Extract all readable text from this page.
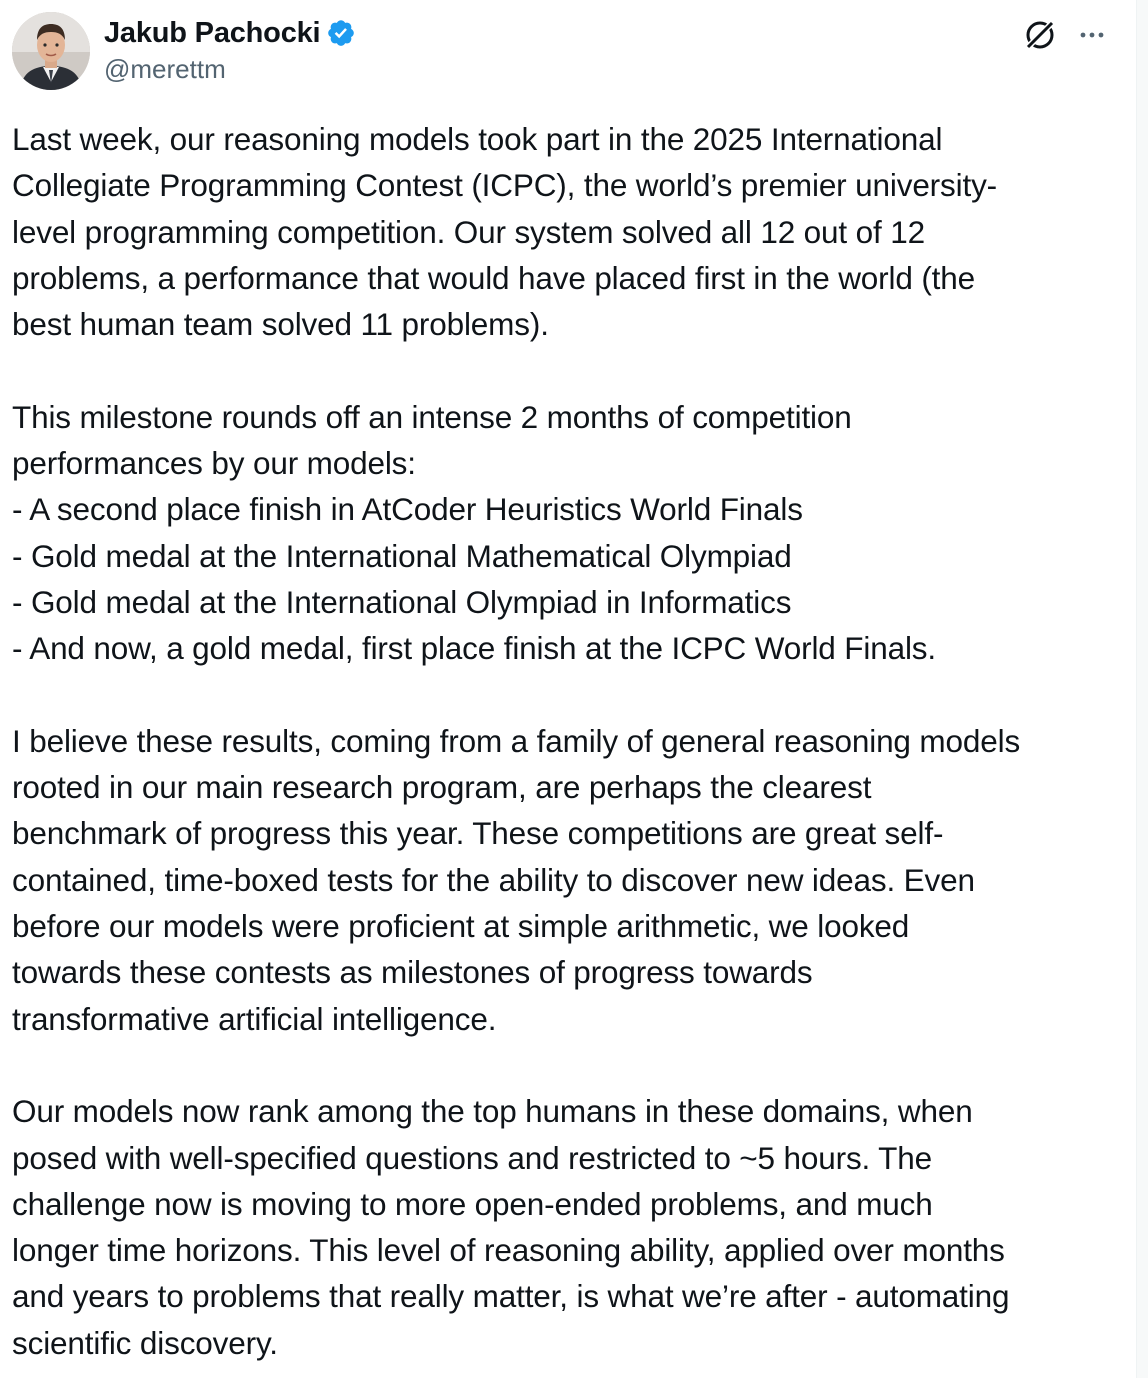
Jakub Pachocki
@merettm
Last week, our reasoning models took part in the 2025 International
Collegiate Programming Contest (ICPC), the world’s premier university-
level programming competition. Our system solved all 12 out of 12
problems, a performance that would have placed first in the world (the
best human team solved 11 problems).
This milestone rounds off an intense 2 months of competition
performances by our models:
- A second place finish in AtCoder Heuristics World Finals
- Gold medal at the International Mathematical Olympiad
- Gold medal at the International Olympiad in Informatics
- And now, a gold medal, first place finish at the ICPC World Finals.
I believe these results, coming from a family of general reasoning models
rooted in our main research program, are perhaps the clearest
benchmark of progress this year. These competitions are great self-
contained, time-boxed tests for the ability to discover new ideas. Even
before our models were proficient at simple arithmetic, we looked
towards these contests as milestones of progress towards
transformative artificial intelligence.
Our models now rank among the top humans in these domains, when
posed with well-specified questions and restricted to ~5 hours. The
challenge now is moving to more open-ended problems, and much
longer time horizons. This level of reasoning ability, applied over months
and years to problems that really matter, is what we’re after - automating
scientific discovery.
